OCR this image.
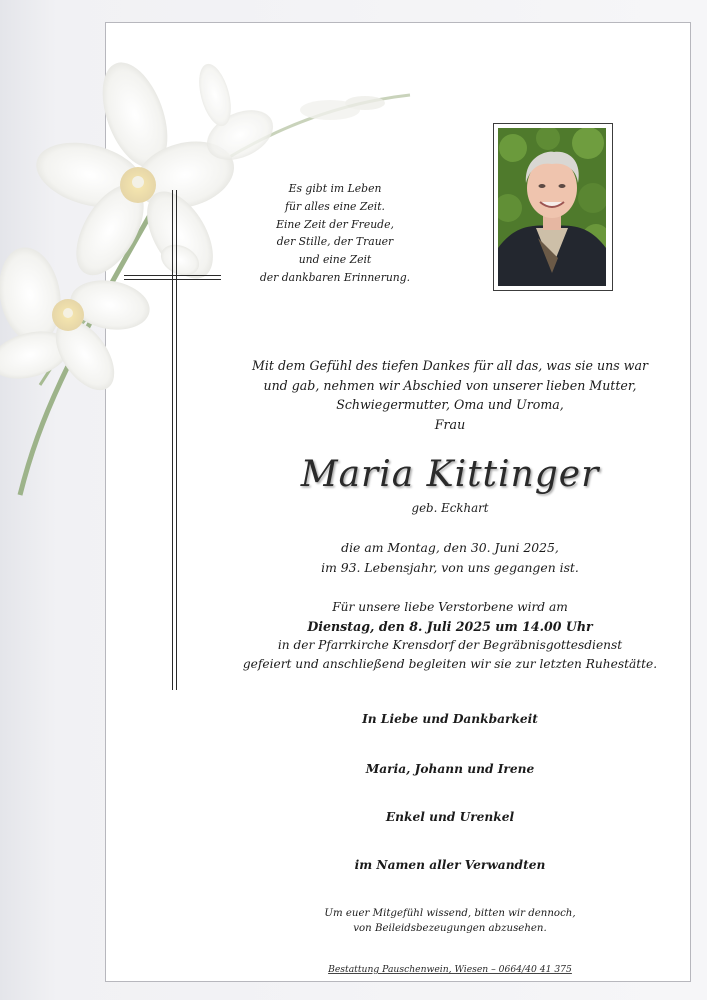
Es gibt im Leben
für alles eine Zeit.
Eine Zeit der Freude,
der Stille, der Trauer
und eine Zeit
der dankbaren Erinnerung.
Mit dem Gefühl des tiefen Dankes für all das, was sie uns war
und gab, nehmen wir Abschied von unserer lieben Mutter,
Schwiegermutter, Oma und Uroma,
Frau
Maria Kittinger
geb. Eckhart
die am Montag, den 30. Juni 2025,
im 93. Lebensjahr, von uns gegangen ist.
Für unsere liebe Verstorbene wird am
Dienstag, den 8. Juli 2025 um 14.00 Uhr
in der Pfarrkirche Krensdorf der Begräbnisgottesdienst
gefeiert und anschließend begleiten wir sie zur letzten Ruhestätte.
In Liebe und Dankbarkeit
Maria, Johann und Irene
Enkel und Urenkel
im Namen aller Verwandten
Um euer Mitgefühl wissend, bitten wir dennoch,
von Beileidsbezeugungen abzusehen.
Bestattung Pauschenwein, Wiesen – 0664/40 41 375
